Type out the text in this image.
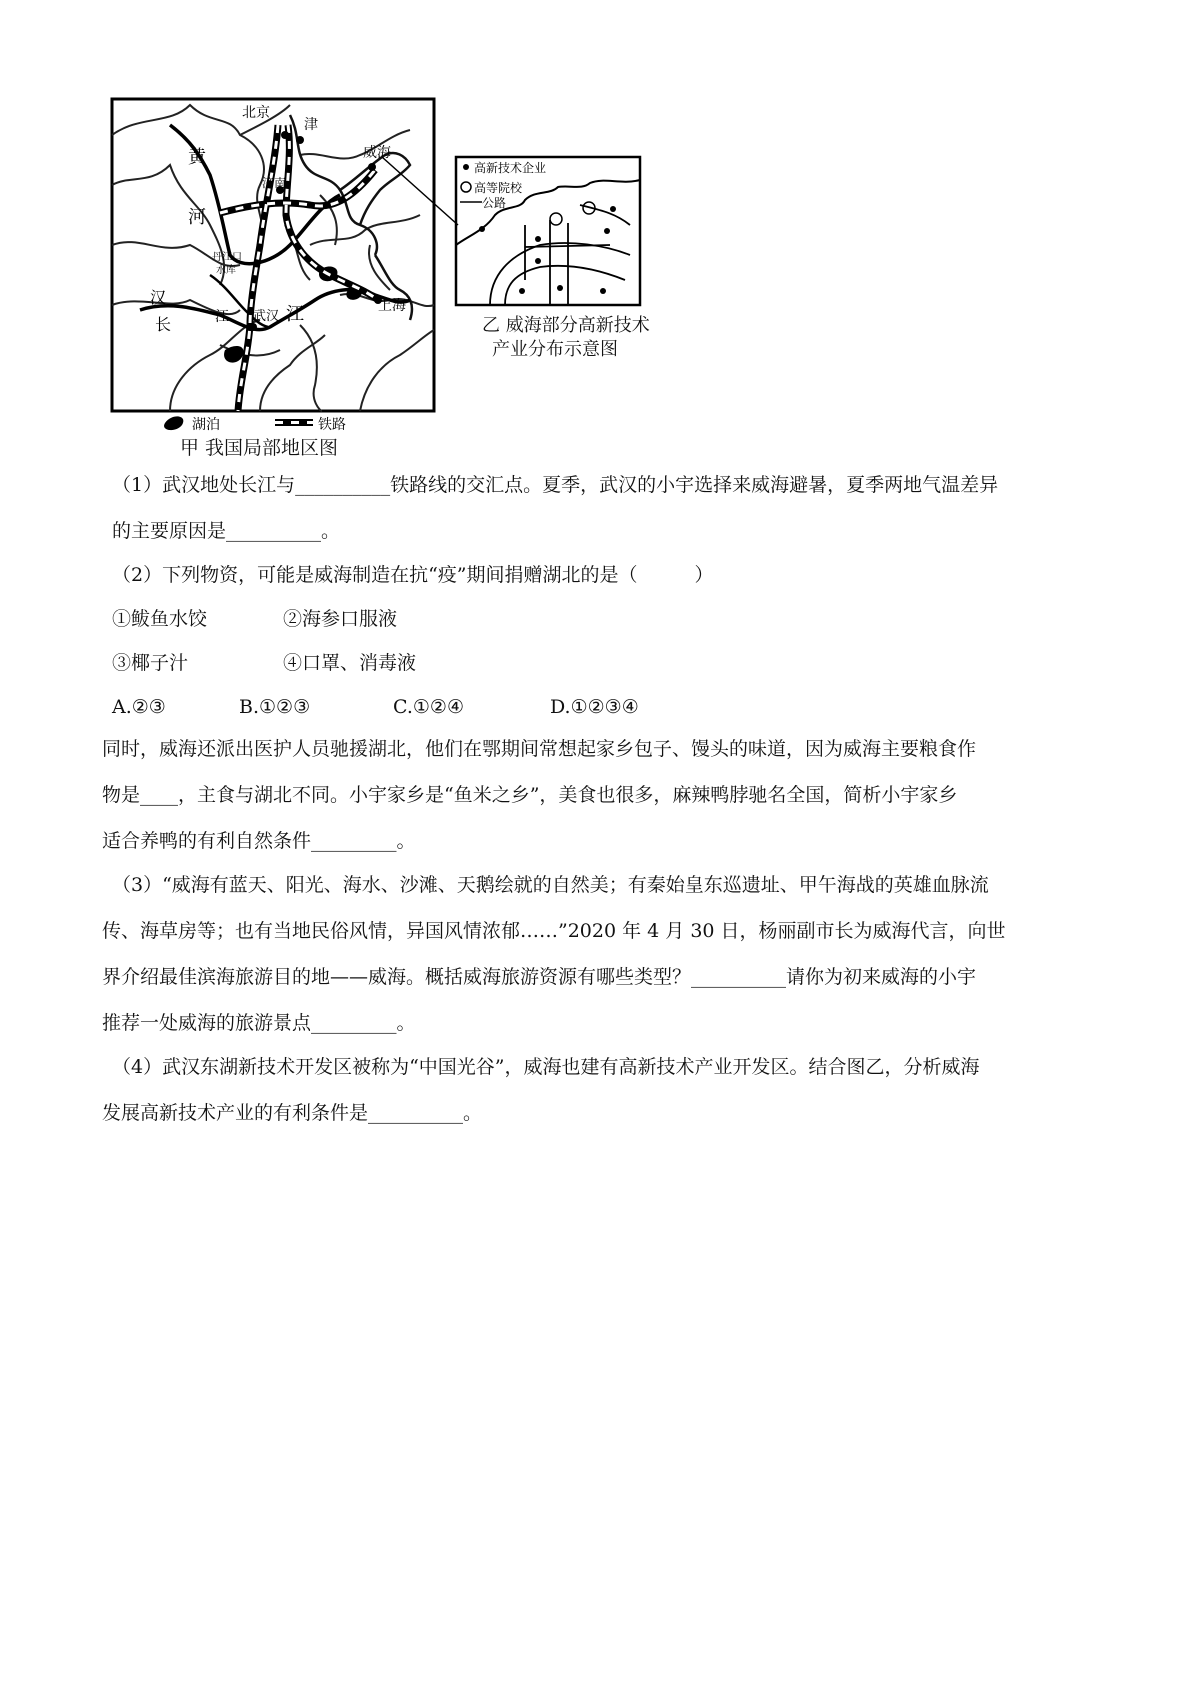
北京
津
威海
济南
黄
河
丹江口
水库
汉
长	江 武汉 江	上海
湖泊	铁路
高新技术企业
高等院校
公路
甲 我国局部地区图
乙 威海部分高新技术
产业分布示意图

（1）武汉地处长江与__________铁路线的交汇点。夏季，武汉的小宇选择来威海避暑，夏季两地气温差异

的主要原因是__________。

（2）下列物资，可能是威海制造在抗“疫”期间捐赠湖北的是（　　　）

①鲅鱼水饺　　　　②海参口服液

③椰子汁　　　　　④口罩、消毒液

A.②③	B.①②③	C.①②④	D.①②③④

同时，威海还派出医护人员驰援湖北，他们在鄂期间常想起家乡包子、馒头的味道，因为威海主要粮食作

物是____，主食与湖北不同。小宇家乡是“鱼米之乡”，美食也很多，麻辣鸭脖驰名全国，简析小宇家乡

适合养鸭的有利自然条件_________。

（3）“威海有蓝天、阳光、海水、沙滩、天鹅绘就的自然美；有秦始皇东巡遗址、甲午海战的英雄血脉流

传、海草房等；也有当地民俗风情，异国风情浓郁……”2020 年 4 月 30 日，杨丽副市长为威海代言，向世

界介绍最佳滨海旅游目的地——威海。概括威海旅游资源有哪些类型？__________请你为初来威海的小宇

推荐一处威海的旅游景点_________。

（4）武汉东湖新技术开发区被称为“中国光谷”，威海也建有高新技术产业开发区。结合图乙，分析威海

发展高新技术产业的有利条件是__________。
